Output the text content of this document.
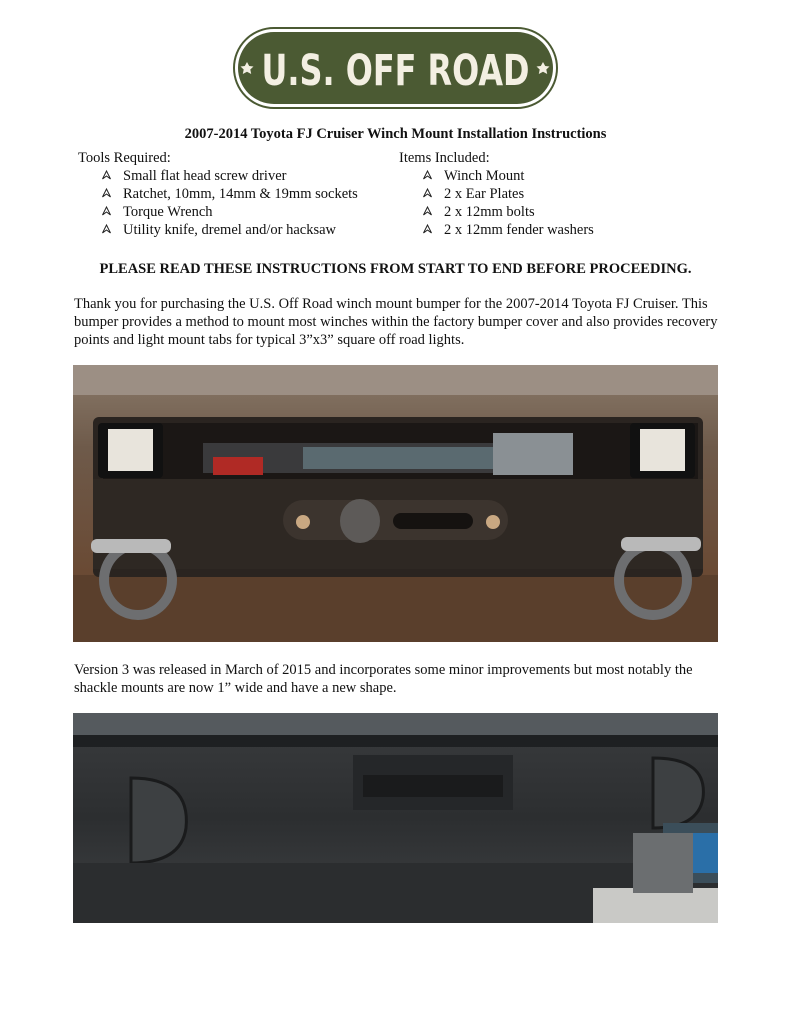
U.S. OFF ROAD
2007-2014 Toyota FJ Cruiser Winch Mount Installation Instructions
Tools Required:
Small flat head screw driver
Ratchet, 10mm, 14mm & 19mm sockets
Torque Wrench
Utility knife, dremel and/or hacksaw
Items Included:
Winch Mount
2 x Ear Plates
2 x 12mm bolts
2 x 12mm fender washers
PLEASE READ THESE INSTRUCTIONS FROM START TO END BEFORE PROCEEDING.
Thank you for purchasing the U.S. Off Road winch mount bumper for the 2007-2014 Toyota FJ Cruiser. This bumper provides a method to mount most winches within the factory bumper cover and also provides recovery points and light mount tabs for typical 3”x3” square off road lights.
Version 3 was released in March of 2015 and incorporates some minor improvements but most notably the shackle mounts are now 1” wide and have a new shape.
